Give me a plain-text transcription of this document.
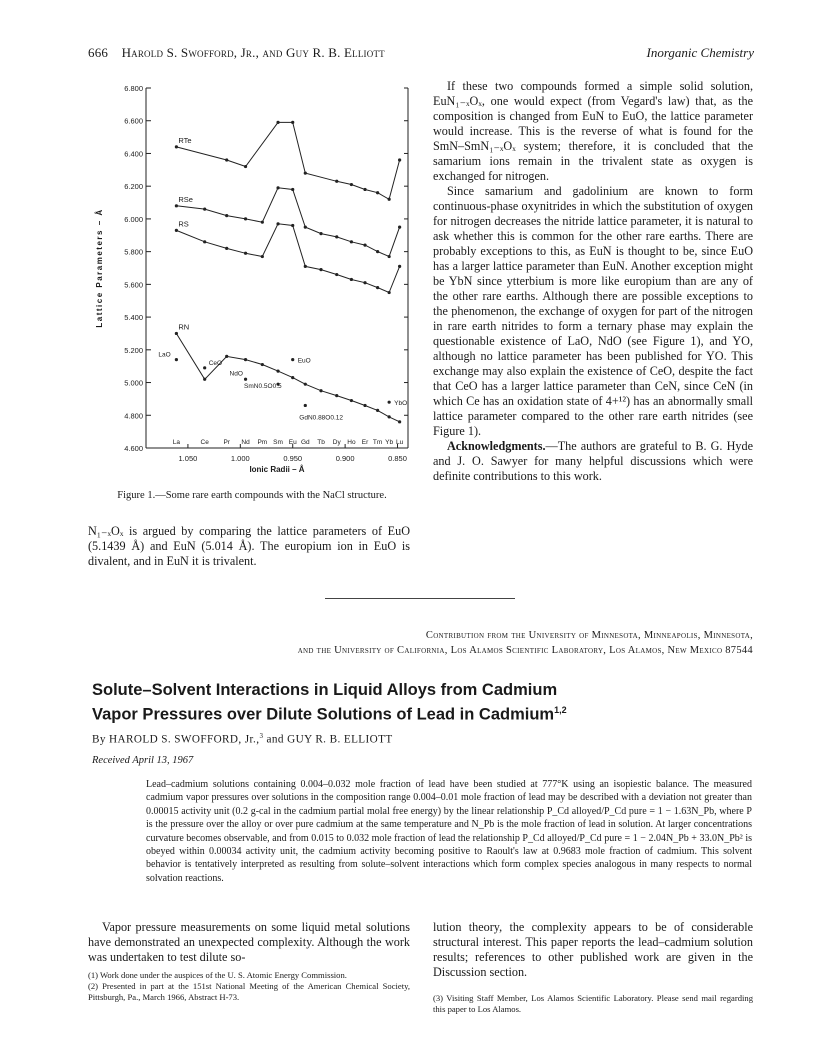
666 Harold S. Swofford, Jr., and Guy R. B. Elliott	Inorganic Chemistry
4.600
4.800
5.000
5.200
5.400
5.600
5.800
6.000
6.200
6.400
6.600
6.800
1.050	1.000	0.950	0.900	0.850
La	Ce Pr Nd Pm Sm Eu Gd Tb Dy Ho Er Tm Yb Lu
Ionic Radii – Å
Lattice Parameters – Å
RTe
RSe
RS
RN
LaO
CeO
NdO
SmN0.5O0.5
EuO
YbO
GdN0.88O0.12
Figure 1.—Some rare earth compounds with the NaCl structure.

N₁₋ₓOₓ is argued by comparing the lattice parameters of EuO (5.1439 Å) and EuN (5.014 Å). The europium ion in EuO is divalent, and in EuN it is trivalent.

If these two compounds formed a simple solid solution, EuN₁₋ₓOₓ, one would expect (from Vegard's law) that, as the composition is changed from EuN to EuO, the lattice parameter would increase. This is the reverse of what is found for the SmN–SmN₁₋ₓOₓ system; therefore, it is concluded that the samarium ions remain in the trivalent state as oxygen is exchanged for nitrogen.

Since samarium and gadolinium are known to form continuous-phase oxynitrides in which the substitution of oxygen for nitrogen decreases the nitride lattice parameter, it is natural to ask whether this is common for the other rare earths. There are probably exceptions to this, as EuN is thought to be, since EuO has a larger lattice parameter than EuN. Another exception might be YbN since ytterbium is more like europium than are any of the other rare earths. Although there are possible exceptions to the phenomenon, the exchange of oxygen for part of the nitrogen in rare earth nitrides to form a ternary phase may explain the questionable existence of LaO, NdO (see Figure 1), and YO, although no lattice parameter has been published for YO. This exchange may also explain the existence of CeO, despite the fact that CeO has a larger lattice parameter than CeN, since CeN (in which Ce has an oxidation state of 4+¹²) has an abnormally small lattice parameter compared to the other rare earth nitrides (see Figure 1).

Acknowledgments.—The authors are grateful to B. G. Hyde and J. O. Sawyer for many helpful discussions which were definite contributions to this work.

Contribution from the University of Minnesota, Minneapolis, Minnesota,
and the University of California, Los Alamos Scientific Laboratory, Los Alamos, New Mexico 87544
Solute–Solvent Interactions in Liquid Alloys from Cadmium
Vapor Pressures over Dilute Solutions of Lead in Cadmium$^{1,2}$
By HAROLD S. SWOFFORD, Jr.,$^3$ and GUY R. B. ELLIOTT
Received April 13, 1967
Lead–cadmium solutions containing 0.004–0.032 mole fraction of lead have been studied at 777°K using an isopiestic balance. The measured cadmium vapor pressures over solutions in the composition range 0.004–0.01 mole fraction of lead may be described with a deviation not greater than 0.00015 activity unit (0.2 g-cal in the cadmium partial molal free energy) by the linear relationship P_Cd alloyed/P_Cd pure = 1 − 1.63N_Pb, where P is the pressure over the alloy or over pure cadmium at the same temperature and N_Pb is the mole fraction of lead in solution. At larger concentrations curvature becomes observable, and from 0.015 to 0.032 mole fraction of lead the relationship P_Cd alloyed/P_Cd pure = 1 − 2.04N_Pb + 33.0N_Pb² is obeyed within 0.00034 activity unit, the cadmium activity becoming positive to Raoult's law at 0.9683 mole fraction of cadmium. This solvent behavior is tentatively interpreted as resulting from solute–solvent interactions which form complex species analogous in many respects to normal solvation reactions.

Vapor pressure measurements on some liquid metal solutions have demonstrated an unexpected complexity. Although the work was undertaken to test dilute so-

lution theory, the complexity appears to be of considerable structural interest. This paper reports the lead–cadmium solution results; references to other published work are given in the Discussion section.

(1) Work done under the auspices of the U. S. Atomic Energy Commission.

(2) Presented in part at the 151st National Meeting of the American Chemical Society, Pittsburgh, Pa., March 1966, Abstract H-73.	(3) Visiting Staff Member, Los Alamos Scientific Laboratory. Please send mail regarding this paper to Los Alamos.
